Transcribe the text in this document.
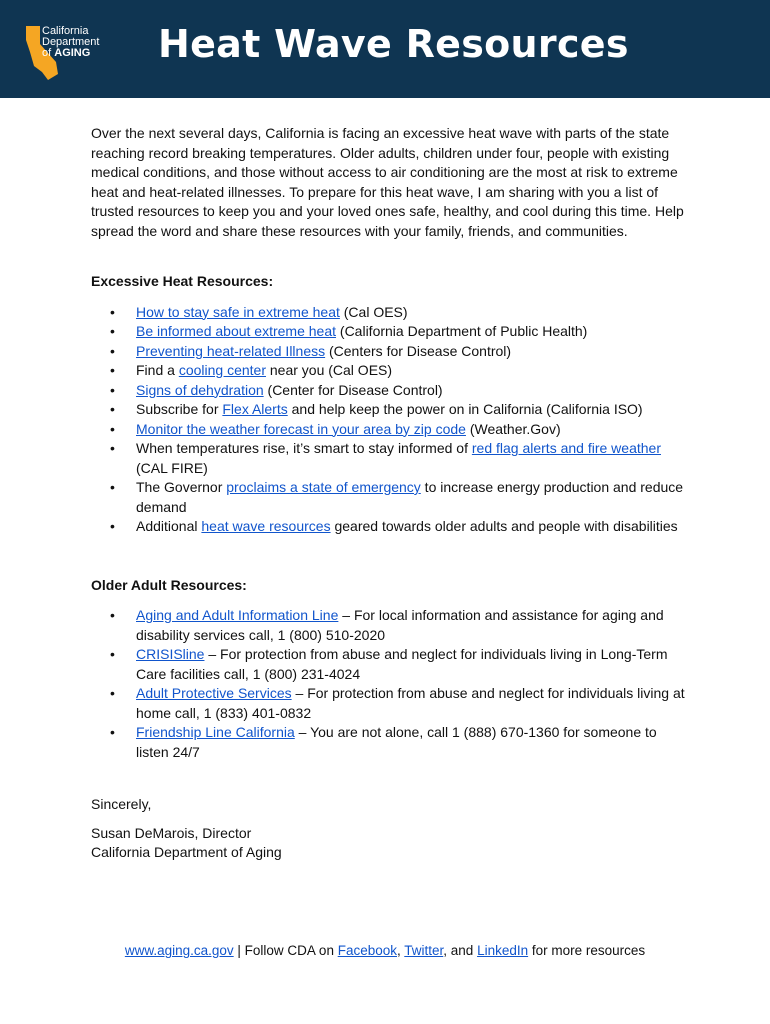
California
Department
of AGING Heat Wave Resources

Over the next several days, California is facing an excessive heat wave with parts of the state reaching record breaking temperatures. Older adults, children under four, people with existing medical conditions, and those without access to air conditioning are the most at risk to extreme heat and heat-related illnesses. To prepare for this heat wave, I am sharing with you a list of trusted resources to keep you and your loved ones safe, healthy, and cool during this time. Help spread the word and share these resources with your family, friends, and communities.

Excessive Heat Resources:

• How to stay safe in extreme heat (Cal OES)
• Be informed about extreme heat (California Department of Public Health)
• Preventing heat-related Illness (Centers for Disease Control)
• Find a cooling center near you (Cal OES)
• Signs of dehydration (Center for Disease Control)
• Subscribe for Flex Alerts and help keep the power on in California (California ISO)
• Monitor the weather forecast in your area by zip code (Weather.Gov)
• When temperatures rise, it’s smart to stay informed of red flag alerts and fire weather (CAL FIRE)
• The Governor proclaims a state of emergency to increase energy production and reduce demand
• Additional heat wave resources geared towards older adults and people with disabilities

Older Adult Resources:

• Aging and Adult Information Line – For local information and assistance for aging and disability services call, 1 (800) 510-2020
• CRISISline – For protection from abuse and neglect for individuals living in Long-Term Care facilities call, 1 (800) 231-4024
• Adult Protective Services – For protection from abuse and neglect for individuals living at home call, 1 (833) 401-0832
• Friendship Line California – You are not alone, call 1 (888) 670-1360 for someone to listen 24/7

Sincerely,

Susan DeMarois, Director

California Department of Aging

www.aging.ca.gov | Follow CDA on Facebook, Twitter, and LinkedIn for more resources
